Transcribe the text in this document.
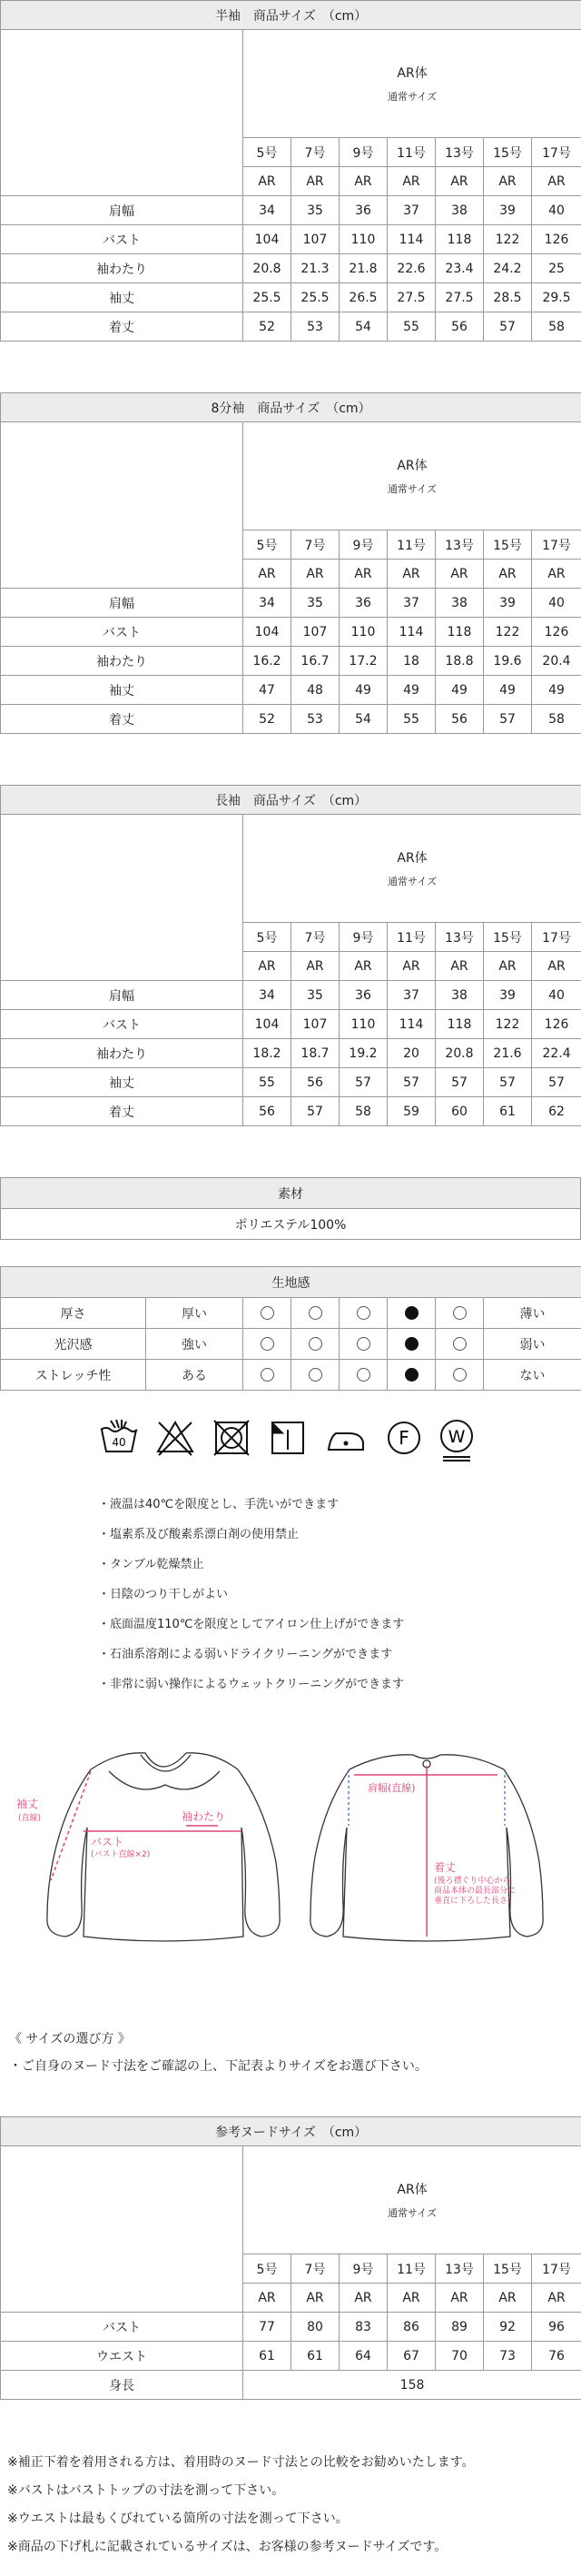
半袖　商品サイズ　（cm）							

	AR体
通常サイズ						

	5号	7号	9号	11号	13号	15号	17号
	AR	AR	AR	AR	AR	AR	AR
肩幅	34	35	36	37	38	39	40
バスト	104	107	110	114	118	122	126
袖わたり	20.8	21.3	21.8	22.6	23.4	24.2	25
袖丈	25.5	25.5	26.5	27.5	27.5	28.5	29.5
着丈	52	53	54	55	56	57	58
8分袖　商品サイズ　（cm）							

	AR体
通常サイズ						

	5号	7号	9号	11号	13号	15号	17号
	AR	AR	AR	AR	AR	AR	AR
肩幅	34	35	36	37	38	39	40
バスト	104	107	110	114	118	122	126
袖わたり	16.2	16.7	17.2	18	18.8	19.6	20.4
袖丈	47	48	49	49	49	49	49
着丈	52	53	54	55	56	57	58
長袖　商品サイズ　（cm）							

	AR体
通常サイズ						

	5号	7号	9号	11号	13号	15号	17号
	AR	AR	AR	AR	AR	AR	AR
肩幅	34	35	36	37	38	39	40
バスト	104	107	110	114	118	122	126
袖わたり	18.2	18.7	19.2	20	20.8	21.6	22.4
袖丈	55	56	57	57	57	57	57
着丈	56	57	58	59	60	61	62
素材
ポリエステル100%
生地感							
厚さ	厚い						薄い
光沢感	強い						弱い
ストレッチ性	ある						ない
40	F W
・液温は40℃を限度とし、手洗いができます
・塩素系及び酸素系漂白剤の使用禁止
・タンブル乾燥禁止
・日陰のつり干しがよい
・底面温度110℃を限度としてアイロン仕上げができます
・石油系溶剤による弱いドライクリーニングができます
・非常に弱い操作によるウェットクリーニングができます
袖丈
(直線)	袖わたり
バスト
(バスト直線×2)
肩幅(直線)
着丈
(後ろ襟ぐり中心から
商品本体の最長部分に
垂直に下ろした長さ)
《 サイズの選び方 》
・ご自身のヌード寸法をご確認の上、下記表よりサイズをお選び下さい。
参考ヌードサイズ　（cm）							

	AR体
通常サイズ						

	5号	7号	9号	11号	13号	15号	17号
	AR	AR	AR	AR	AR	AR	AR
バスト	77	80	83	86	89	92	96
ウエスト	61	61	64	67	70	73	76
身長	158						
※補正下着を着用される方は、着用時のヌード寸法との比較をお勧めいたします。
※バストはバストトップの寸法を測って下さい。
※ウエストは最もくびれている箇所の寸法を測って下さい。
※商品の下げ札に記載されているサイズは、お客様の参考ヌードサイズです。
